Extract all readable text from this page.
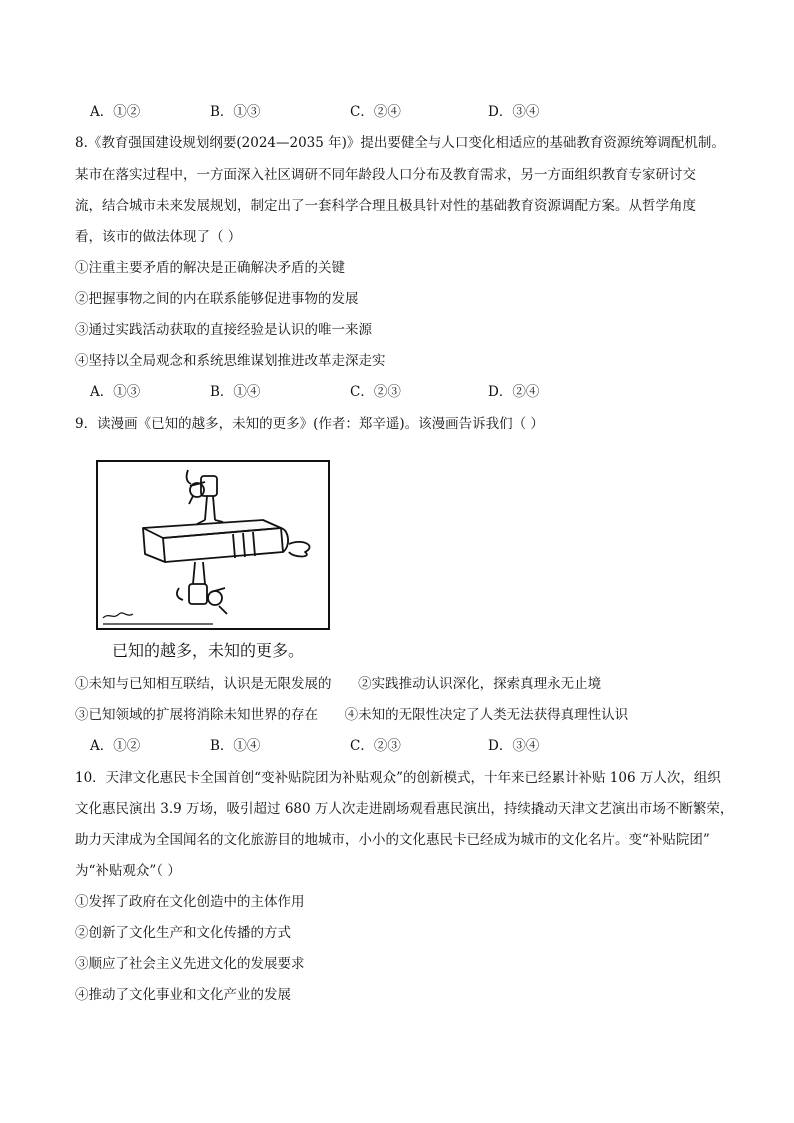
A．①②	B．①③	C．②④	D．③④
8.《教育强国建设规划纲要(2024—2035 年)》提出要健全与人口变化相适应的基础教育资源统筹调配机制。
某市在落实过程中，一方面深入社区调研不同年龄段人口分布及教育需求，另一方面组织教育专家研讨交
流，结合城市未来发展规划，制定出了一套科学合理且极具针对性的基础教育资源调配方案。从哲学角度
看，该市的做法体现了（ ）
①注重主要矛盾的解决是正确解决矛盾的关键
②把握事物之间的内在联系能够促进事物的发展
③通过实践活动获取的直接经验是认识的唯一来源
④坚持以全局观念和系统思维谋划推进改革走深走实
A．①③	B．①④	C．②③	D．②④
9．读漫画《已知的越多，未知的更多》(作者：郑辛遥)。该漫画告诉我们（ ）
已知的越多，未知的更多。
①未知与已知相互联结，认识是无限发展的 ②实践推动认识深化，探索真理永无止境
③已知领域的扩展将消除未知世界的存在 ④未知的无限性决定了人类无法获得真理性认识
A．①②	B．①④	C．②③	D．③④
10．天津文化惠民卡全国首创“变补贴院团为补贴观众”的创新模式，十年来已经累计补贴 106 万人次，组织
文化惠民演出 3.9 万场，吸引超过 680 万人次走进剧场观看惠民演出，持续撬动天津文艺演出市场不断繁荣，
助力天津成为全国闻名的文化旅游目的地城市，小小的文化惠民卡已经成为城市的文化名片。变“补贴院团”
为“补贴观众”（ ）
①发挥了政府在文化创造中的主体作用
②创新了文化生产和文化传播的方式
③顺应了社会主义先进文化的发展要求
④推动了文化事业和文化产业的发展
